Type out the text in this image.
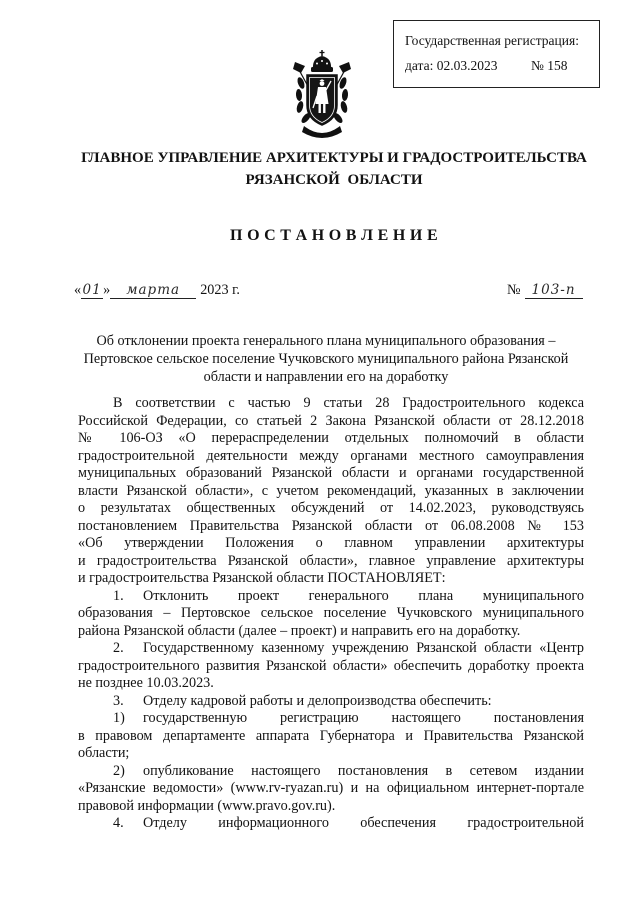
Государственная регистрация:
дата: 02.03.2023 № 158
ГЛАВНОЕ УПРАВЛЕНИЕ АРХИТЕКТУРЫ И ГРАДОСТРОИТЕЛЬСТВА
РЯЗАНСКОЙ ОБЛАСТИ
П О С Т А Н О В Л Е Н И Е
«01» марта 2023 г.	№ 103-п
Об отклонении проекта генерального плана муниципального образования –
Пертовское сельское поселение Чучковского муниципального района Рязанской
области и направлении его на доработку
В соответствии с частью 9 статьи 28 Градостроительного кодекса
Российской Федерации, со статьей 2 Закона Рязанской области от 28.12.2018
№ 106-ОЗ «О перераспределении отдельных полномочий в области
градостроительной деятельности между органами местного самоуправления
муниципальных образований Рязанской области и органами государственной
власти Рязанской области», с учетом рекомендаций, указанных в заключении
о результатах общественных обсуждений от 14.02.2023, руководствуясь
постановлением Правительства Рязанской области от 06.08.2008 № 153
«Об утверждении Положения о главном управлении архитектуры
и градостроительства Рязанской области», главное управление архитектуры
и градостроительства Рязанской области ПОСТАНОВЛЯЕТ:
1. Отклонить проект генерального плана муниципального
образования – Пертовское сельское поселение Чучковского муниципального
района Рязанской области (далее – проект) и направить его на доработку.
2. Государственному казенному учреждению Рязанской области «Центр
градостроительного развития Рязанской области» обеспечить доработку проекта
не позднее 10.03.2023.
3. Отделу кадровой работы и делопроизводства обеспечить:
1) государственную регистрацию настоящего постановления
в правовом департаменте аппарата Губернатора и Правительства Рязанской
области;
2) опубликование настоящего постановления в сетевом издании
«Рязанские ведомости» (www.rv-ryazan.ru) и на официальном интернет-портале
правовой информации (www.pravo.gov.ru).
4. Отделу информационного обеспечения градостроительной
